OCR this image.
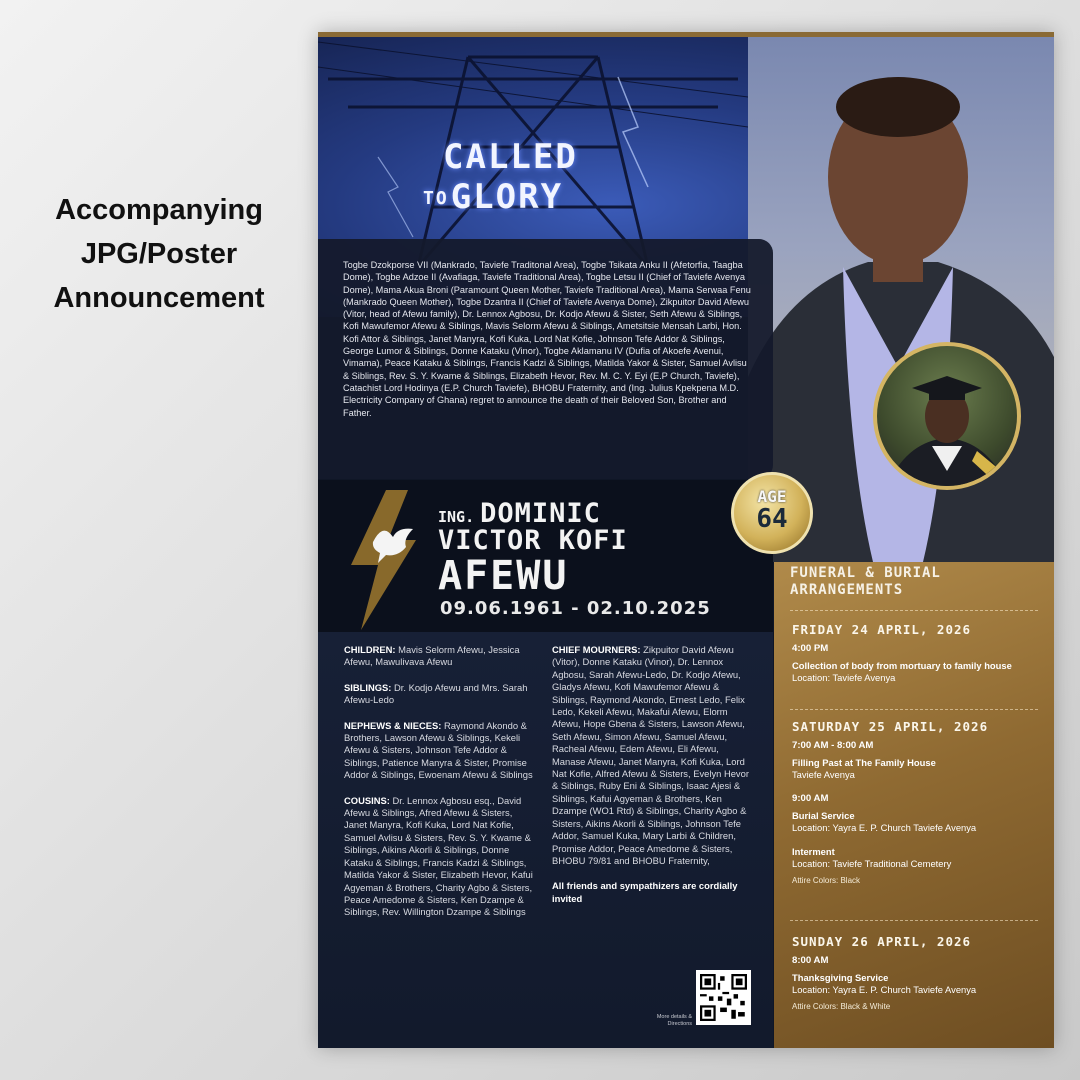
Accompanying
JPG/Poster
Announcement
CALLED
TOGLORY

Togbe Dzokporse VII (Mankrado, Taviefe Traditonal Area), Togbe Tsikata Anku II (Afetorfia, Taagba Dome), Togbe Adzoe II (Avafiaga, Taviefe Traditional Area), Togbe Letsu II (Chief of Taviefe Avenya Dome), Mama Akua Broni (Paramount Queen Mother, Taviefe Traditional Area), Mama Serwaa Fenu (Mankrado Queen Mother), Togbe Dzantra II (Chief of Taviefe Avenya Dome), Zikpuitor David Afewu (Vitor, head of Afewu family), Dr. Lennox Agbosu, Dr. Kodjo Afewu & Sister, Seth Afewu & Siblings, Kofi Mawufemor Afewu & Siblings, Mavis Selorm Afewu & Siblings, Ametsitsie Mensah Larbi, Hon. Kofi Attor & Siblings, Janet Manyra, Kofi Kuka, Lord Nat Kofie, Johnson Tefe Addor & Siblings, George Lumor & Siblings, Donne Kataku (Vinor), Togbe Aklamanu IV (Dufia of Akoefe Avenui, Vimama), Peace Kataku & Siblings, Francis Kadzi & Siblings, Matilda Yakor & Sister, Samuel Avlisu & Siblings, Rev. S. Y. Kwame & Siblings, Elizabeth Hevor, Rev. M. C. Y. Eyi (E.P Church, Taviefe), Catachist Lord Hodinya (E.P. Church Taviefe), BHOBU Fraternity, and (Ing. Julius Kpekpena M.D. Electricity Company of Ghana) regret to announce the death of their Beloved Son, Brother and Father.

ING. DOMINIC
VICTOR KOFI
AFEWU
09.06.1961 - 02.10.2025
AGE
64
CHILDREN: Mavis Selorm Afewu, Jessica Afewu, Mawulivava Afewu
SIBLINGS: Dr. Kodjo Afewu and Mrs. Sarah Afewu-Ledo
NEPHEWS & NIECES: Raymond Akondo & Brothers, Lawson Afewu & Siblings, Kekeli Afewu & Sisters, Johnson Tefe Addor & Siblings, Patience Manyra & Sister, Promise Addor & Siblings, Ewoenam Afewu & Siblings
COUSINS: Dr. Lennox Agbosu esq., David Afewu & Siblings, Afred Afewu & Sisters, Janet Manyra, Kofi Kuka, Lord Nat Kofie, Samuel Avlisu & Sisters, Rev. S. Y. Kwame & Siblings, Aikins Akorli & Siblings, Donne Kataku & Siblings, Francis Kadzi & Siblings, Matilda Yakor & Sister, Elizabeth Hevor, Kafui Agyeman & Brothers, Charity Agbo & Sisters, Peace Amedome & Sisters, Ken Dzampe & Siblings, Rev. Willington Dzampe & Siblings
CHIEF MOURNERS: Zikpuitor David Afewu (Vitor), Donne Kataku (Vinor), Dr. Lennox Agbosu, Sarah Afewu-Ledo, Dr. Kodjo Afewu, Gladys Afewu, Kofi Mawufemor Afewu & Siblings, Raymond Akondo, Ernest Ledo, Felix Ledo, Kekeli Afewu, Makafui Afewu, Elorm Afewu, Hope Gbena & Sisters, Lawson Afewu, Seth Afewu, Simon Afewu, Samuel Afewu, Racheal Afewu, Edem Afewu, Eli Afewu, Manase Afewu, Janet Manyra, Kofi Kuka, Lord Nat Kofie, Alfred Afewu & Sisters, Evelyn Hevor & Siblings, Ruby Eni & Siblings, Isaac Ajesi & Siblings, Kafui Agyeman & Brothers, Ken Dzampe (WO1 Rtd) & Siblings, Charity Agbo & Sisters, Aikins Akorli & Siblings, Johnson Tefe Addor, Samuel Kuka, Mary Larbi & Children, Promise Addor, Peace Amedome & Sisters, BHOBU 79/81 and BHOBU Fraternity,
All friends and sympathizers are cordially invited
More details & Directions
FUNERAL & BURIAL
ARRANGEMENTS
FRIDAY 24 APRIL, 2026
4:00 PM
Collection of body from mortuary to family house
Location: Taviefe Avenya
SATURDAY 25 APRIL, 2026
7:00 AM - 8:00 AM
Filling Past at The Family House
Taviefe Avenya
9:00 AM
Burial Service
Location: Yayra E. P. Church Taviefe Avenya
Interment
Location: Taviefe Traditional Cemetery
Attire Colors: Black
SUNDAY 26 APRIL, 2026
8:00 AM
Thanksgiving Service
Location: Yayra E. P. Church Taviefe Avenya
Attire Colors: Black & White
